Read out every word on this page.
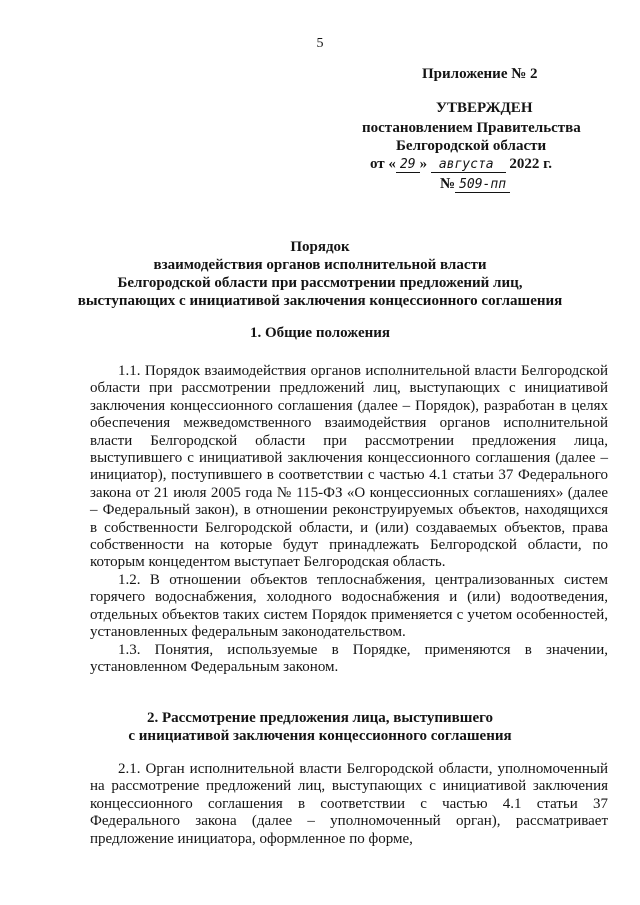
5
Приложение № 2
УТВЕРЖДЕН
постановлением Правительства
Белгородской области
от « 29 » августа 2022 г.
№ 509-пп
Порядок
взаимодействия органов исполнительной власти
Белгородской области при рассмотрении предложений лиц,
выступающих с инициативой заключения концессионного соглашения
1. Общие положения

1.1. Порядок взаимодействия органов исполнительной власти Белгородской области при рассмотрении предложений лиц, выступающих с инициативой заключения концессионного соглашения (далее – Порядок), разработан в целях обеспечения межведомственного взаимодействия органов исполнительной власти Белгородской области при рассмотрении предложения лица, выступившего с инициативой заключения концессионного соглашения (далее – инициатор), поступившего в соответствии с частью 4.1 статьи 37 Федерального закона от 21 июля 2005 года № 115-ФЗ «О концессионных соглашениях» (далее – Федеральный закон), в отношении реконструируемых объектов, находящихся в собственности Белгородской области, и (или) создаваемых объектов, права собственности на которые будут принадлежать Белгородской области, по которым концедентом выступает Белгородская область.

1.2. В отношении объектов теплоснабжения, централизованных систем горячего водоснабжения, холодного водоснабжения и (или) водоотведения, отдельных объектов таких систем Порядок применяется с учетом особенностей, установленных федеральным законодательством.

1.3. Понятия, используемые в Порядке, применяются в значении, установленном Федеральным законом.

2. Рассмотрение предложения лица, выступившего
с инициативой заключения концессионного соглашения

2.1. Орган исполнительной власти Белгородской области, уполномоченный на рассмотрение предложений лиц, выступающих с инициативой заключения концессионного соглашения в соответствии с частью 4.1 статьи 37 Федерального закона (далее – уполномоченный орган), рассматривает предложение инициатора, оформленное по форме,
